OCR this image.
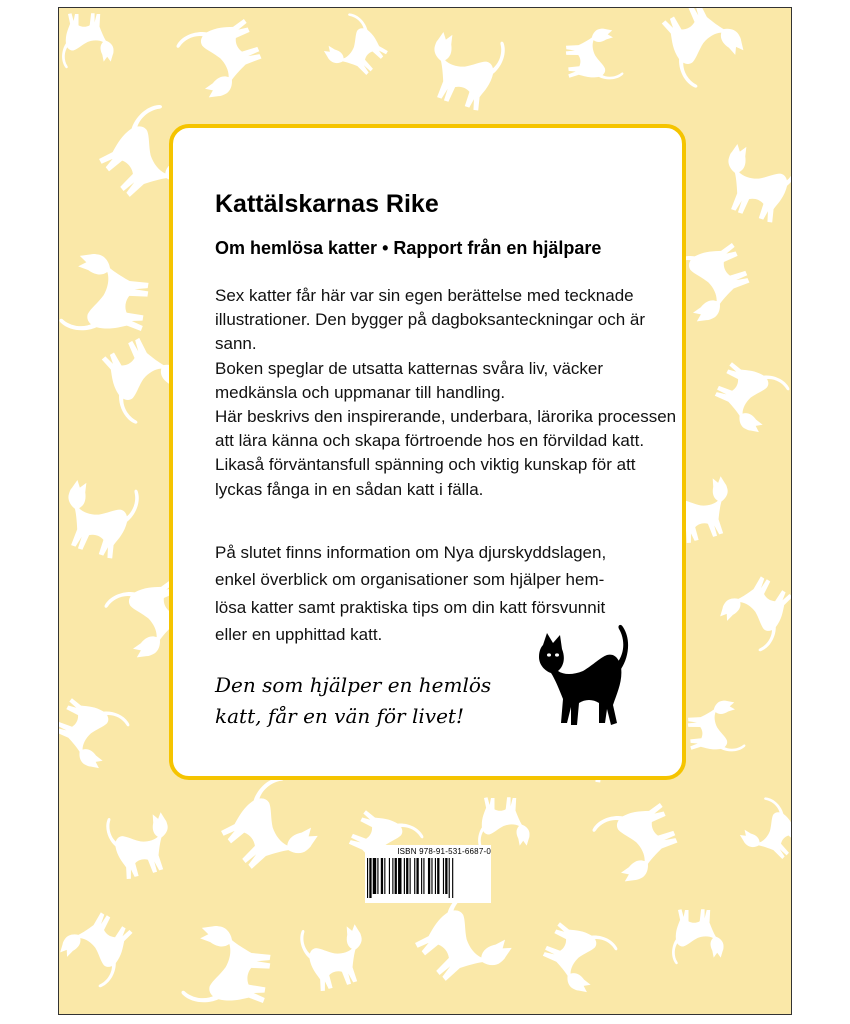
Kattälskarnas Rike
Om hemlösa katter • Rapport från en hjälpare

Sex katter får här var sin egen berättelse med tecknade illustrationer. Den bygger på dagboksanteckningar och är sann.

Boken speglar de utsatta katternas svåra liv, väcker medkänsla och uppmanar till handling.

Här beskrivs den inspirerande, underbara, lärorika processen att lära känna och skapa förtroende hos en förvildad katt.

Likaså förväntansfull spänning och viktig kunskap för att lyckas fånga in en sådan katt i fälla.

På slutet finns information om Nya djurskyddslagen,

enkel överblick om organisationer som hjälper hem-

lösa katter samt praktiska tips om din katt försvunnit

eller en upphittad katt.

Den som hjälper en hemlös

katt, får en vän för livet!

ISBN 978-91-531-6687-0
